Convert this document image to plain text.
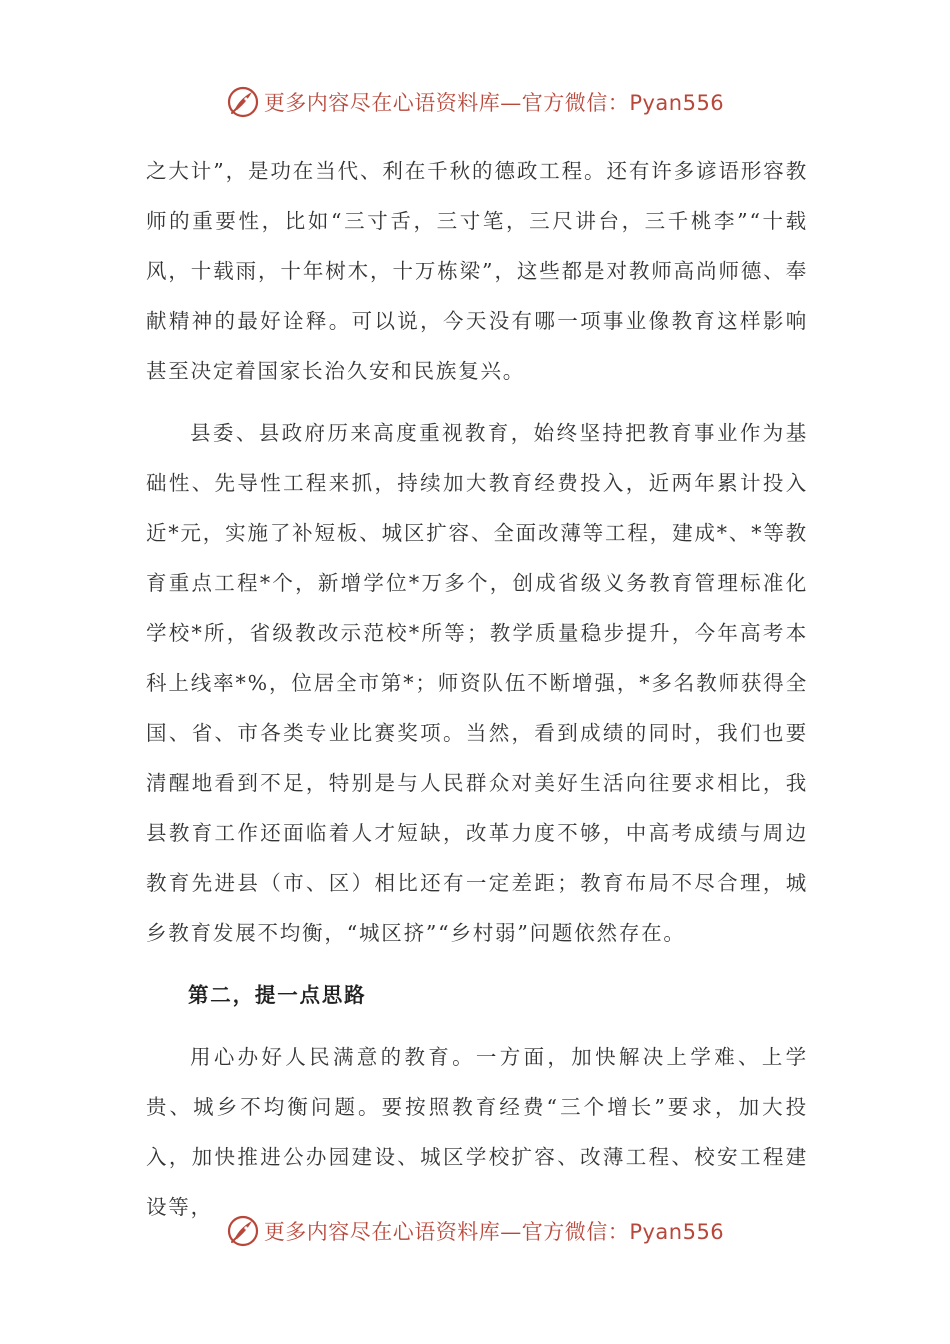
更多内容尽在心语资料库—官方微信：Pyan556

之大计”，是功在当代、利在千秋的德政工程。还有许多谚语形容教师的重要性，比如“三寸舌，三寸笔，三尺讲台，三千桃李”“十载风，十载雨，十年树木，十万栋梁”，这些都是对教师高尚师德、奉献精神的最好诠释。可以说，今天没有哪一项事业像教育这样影响甚至决定着国家长治久安和民族复兴。

县委、县政府历来高度重视教育，始终坚持把教育事业作为基础性、先导性工程来抓，持续加大教育经费投入，近两年累计投入近*元，实施了补短板、城区扩容、全面改薄等工程，建成*、*等教育重点工程*个，新增学位*万多个，创成省级义务教育管理标准化学校*所，省级教改示范校*所等；教学质量稳步提升，今年高考本科上线率*%，位居全市第*；师资队伍不断增强，*多名教师获得全国、省、市各类专业比赛奖项。当然，看到成绩的同时，我们也要清醒地看到不足，特别是与人民群众对美好生活向往要求相比，我县教育工作还面临着人才短缺，改革力度不够，中高考成绩与周边教育先进县（市、区）相比还有一定差距；教育布局不尽合理，城乡教育发展不均衡，“城区挤”“乡村弱”问题依然存在。

第二，提一点思路

用心办好人民满意的教育。一方面，加快解决上学难、上学贵、城乡不均衡问题。要按照教育经费“三个增长”要求，加大投入，加快推进公办园建设、城区学校扩容、改薄工程、校安工程建设等，

更多内容尽在心语资料库—官方微信：Pyan556
